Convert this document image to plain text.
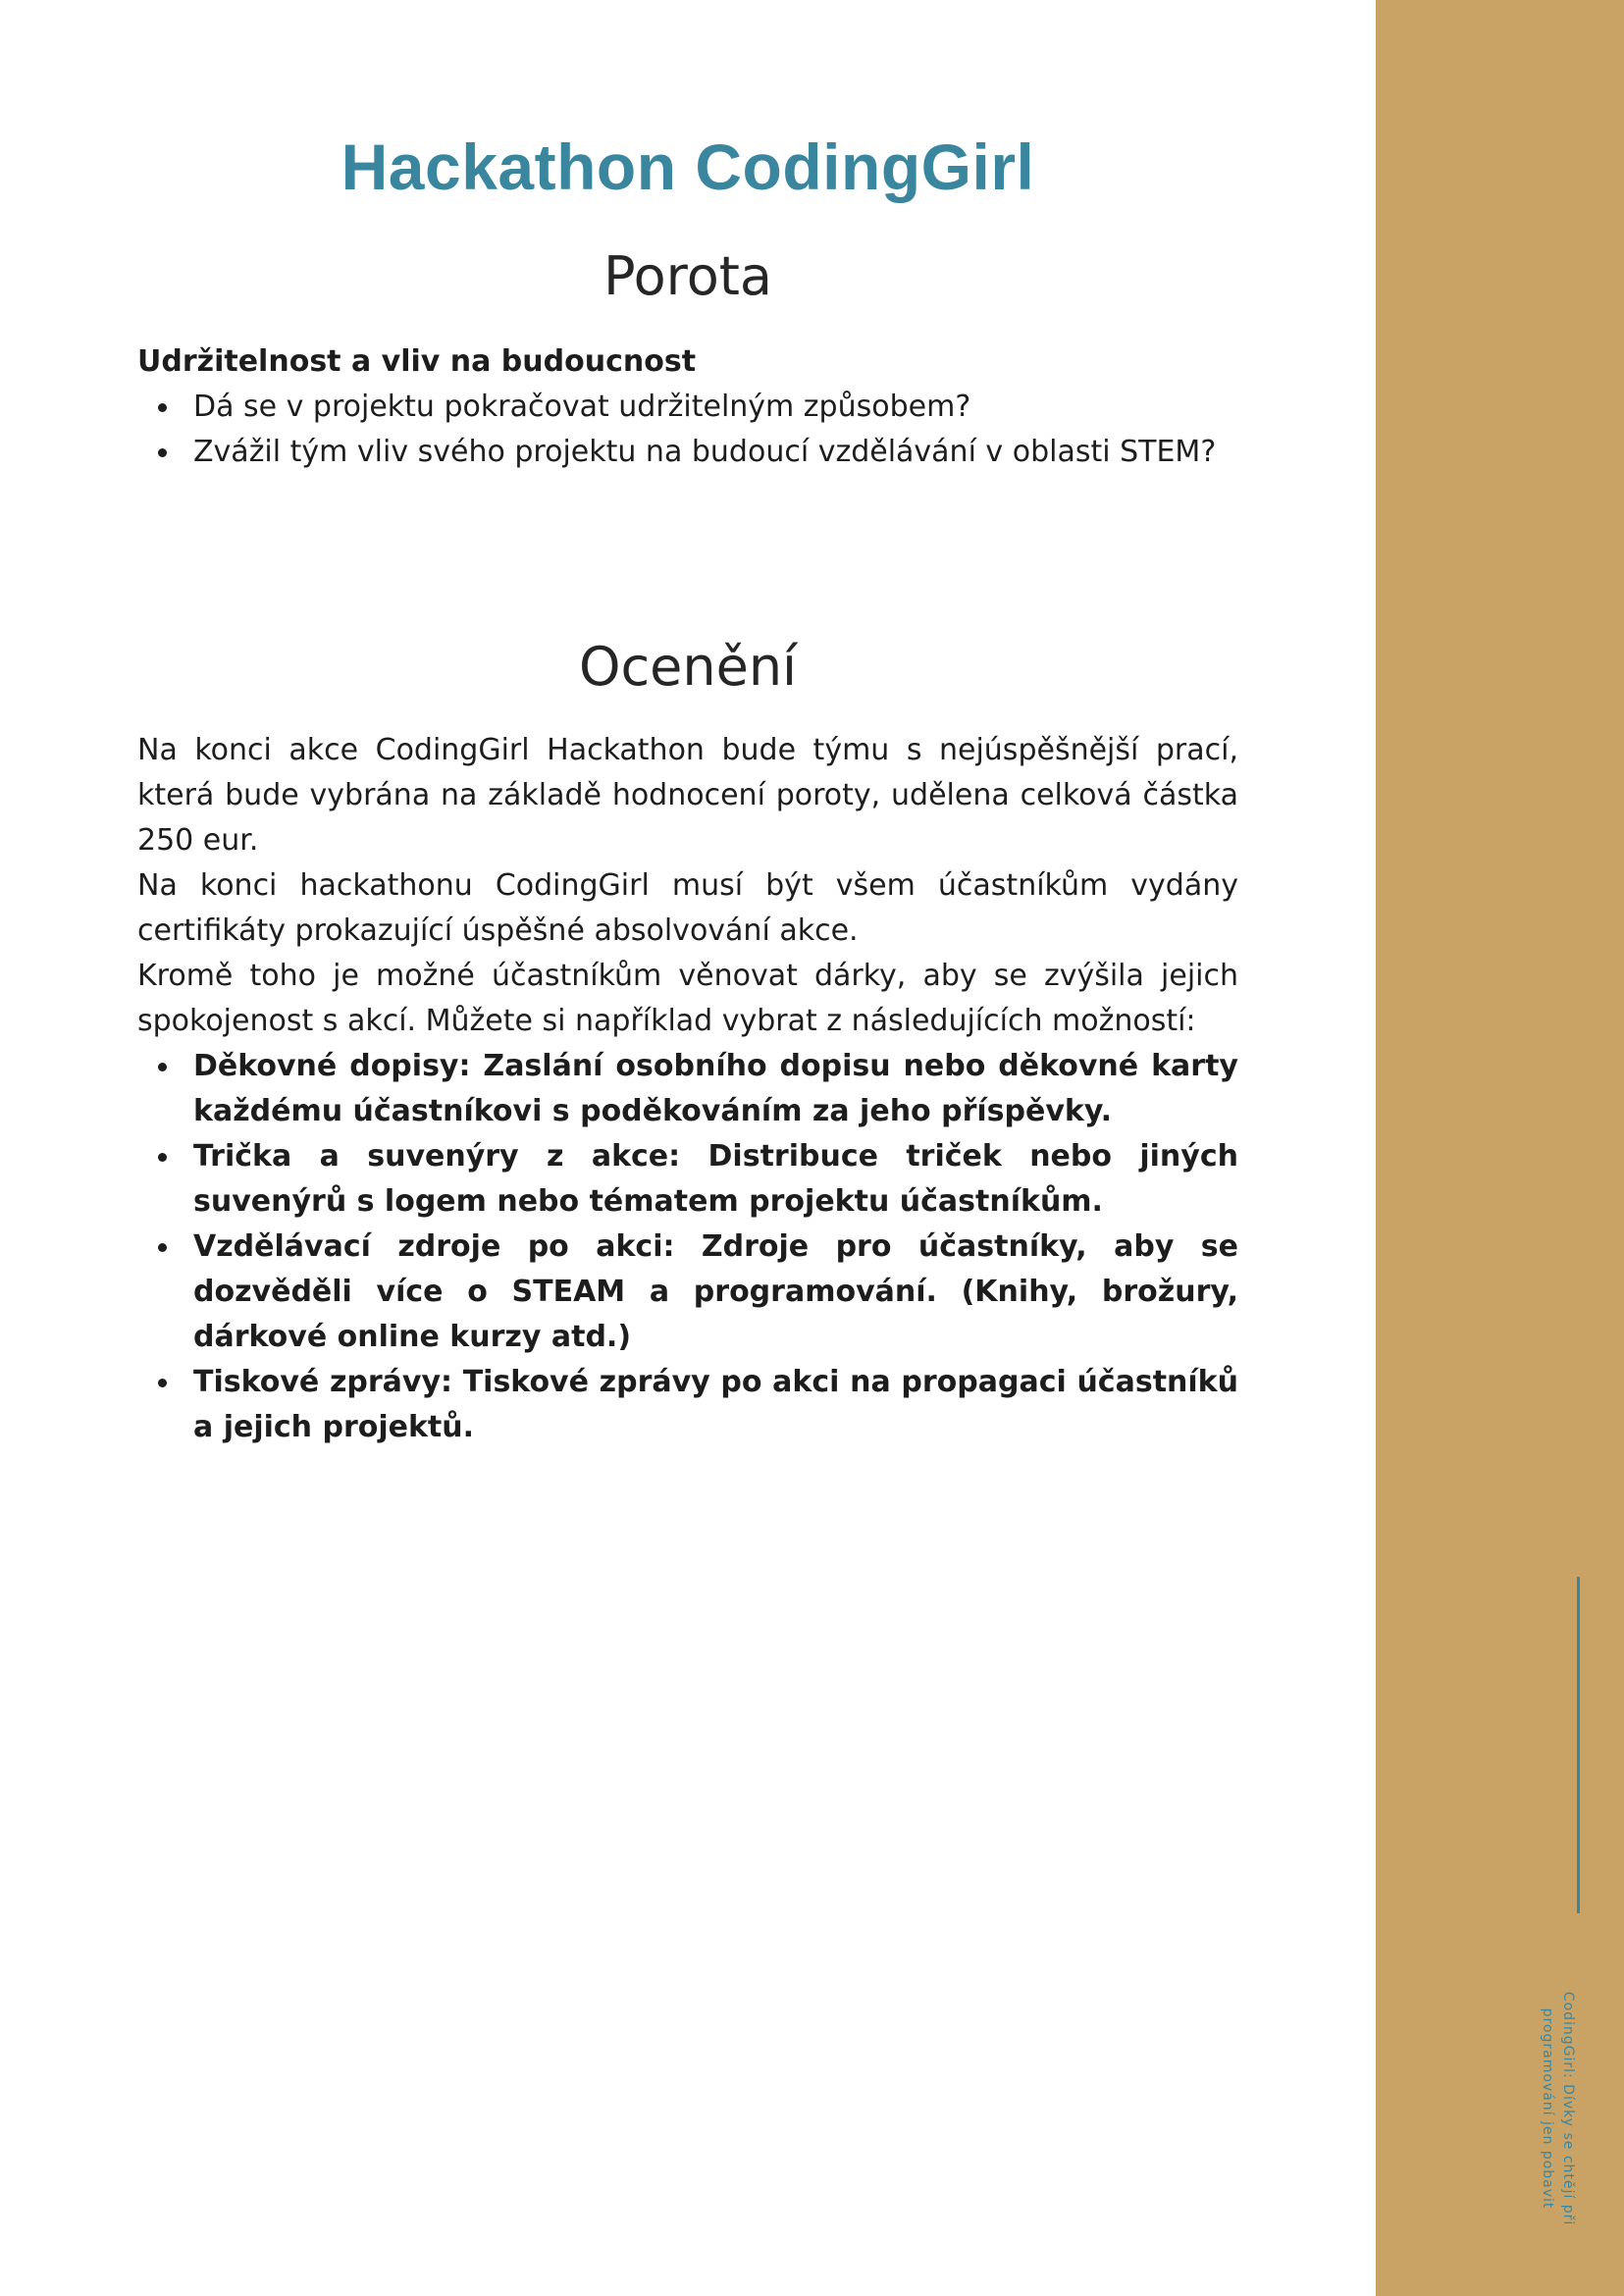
Hackathon CodingGirl
Porota
Udržitelnost a vliv na budoucnost
Dá se v projektu pokračovat udržitelným způsobem?
Zvážil tým vliv svého projektu na budoucí vzdělávání v oblasti STEM?
Ocenění

Na konci akce CodingGirl Hackathon bude týmu s nejúspěšnější prací, která bude vybrána na základě hodnocení poroty, udělena celková částka 250 eur.

Na konci hackathonu CodingGirl musí být všem účastníkům vydány certifikáty prokazující úspěšné absolvování akce.

Kromě toho je možné účastníkům věnovat dárky, aby se zvýšila jejich spokojenost s akcí. Můžete si například vybrat z následujících možností:

Děkovné dopisy: Zaslání osobního dopisu nebo děkovné karty každému účastníkovi s poděkováním za jeho příspěvky.
Trička a suvenýry z akce: Distribuce triček nebo jiných suvenýrů s logem nebo tématem projektu účastníkům.
Vzdělávací zdroje po akci: Zdroje pro účastníky, aby se dozvěděli více o STEAM a programování. (Knihy, brožury, dárkové online kurzy atd.)
Tiskové zprávy: Tiskové zprávy po akci na propagaci účastníků a jejich projektů.
CodingGirl: Dívky se chtějí při programování jen pobavit
